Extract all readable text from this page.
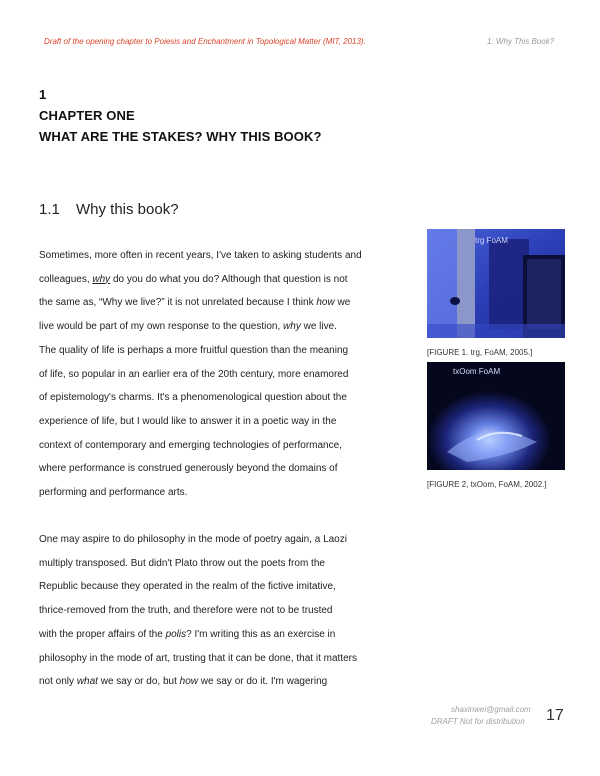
Draft of the opening chapter to Poiesis and Enchantment in Topological Matter (MIT, 2013).	1: Why This Book?
1
CHAPTER ONE
WHAT ARE THE STAKES? WHY THIS BOOK?
1.1 Why this book?
Sometimes, more often in recent years, I've taken to asking students and
colleagues, why do you do what you do? Although that question is not
the same as, “Why we live?” it is not unrelated because I think how we
live would be part of my own response to the question, why we live.
The quality of life is perhaps a more fruitful question than the meaning
of life, so popular in an earlier era of the 20th century, more enamored
of epistemology's charms. It's a phenomenological question about the
experience of life, but I would like to answer it in a poetic way in the
context of contemporary and emerging technologies of performance,
where performance is construed generously beyond the domains of
performing and performance arts.
One may aspire to do philosophy in the mode of poetry again, a Laozi
multiply transposed. But didn't Plato throw out the poets from the
Republic because they operated in the realm of the fictive imitative,
thrice-removed from the truth, and therefore were not to be trusted
with the proper affairs of the polis? I'm writing this as an exercise in
philosophy in the mode of art, trusting that it can be done, that it matters
not only what we say or do, but how we say or do it. I'm wagering
trg FoAM
[FIGURE 1. trg, FoAM, 2005.]
txOom FoAM
[FIGURE 2, txOom, FoAM, 2002.]
shaxinwei@gmail.com
DRAFT Not for distribution 17
